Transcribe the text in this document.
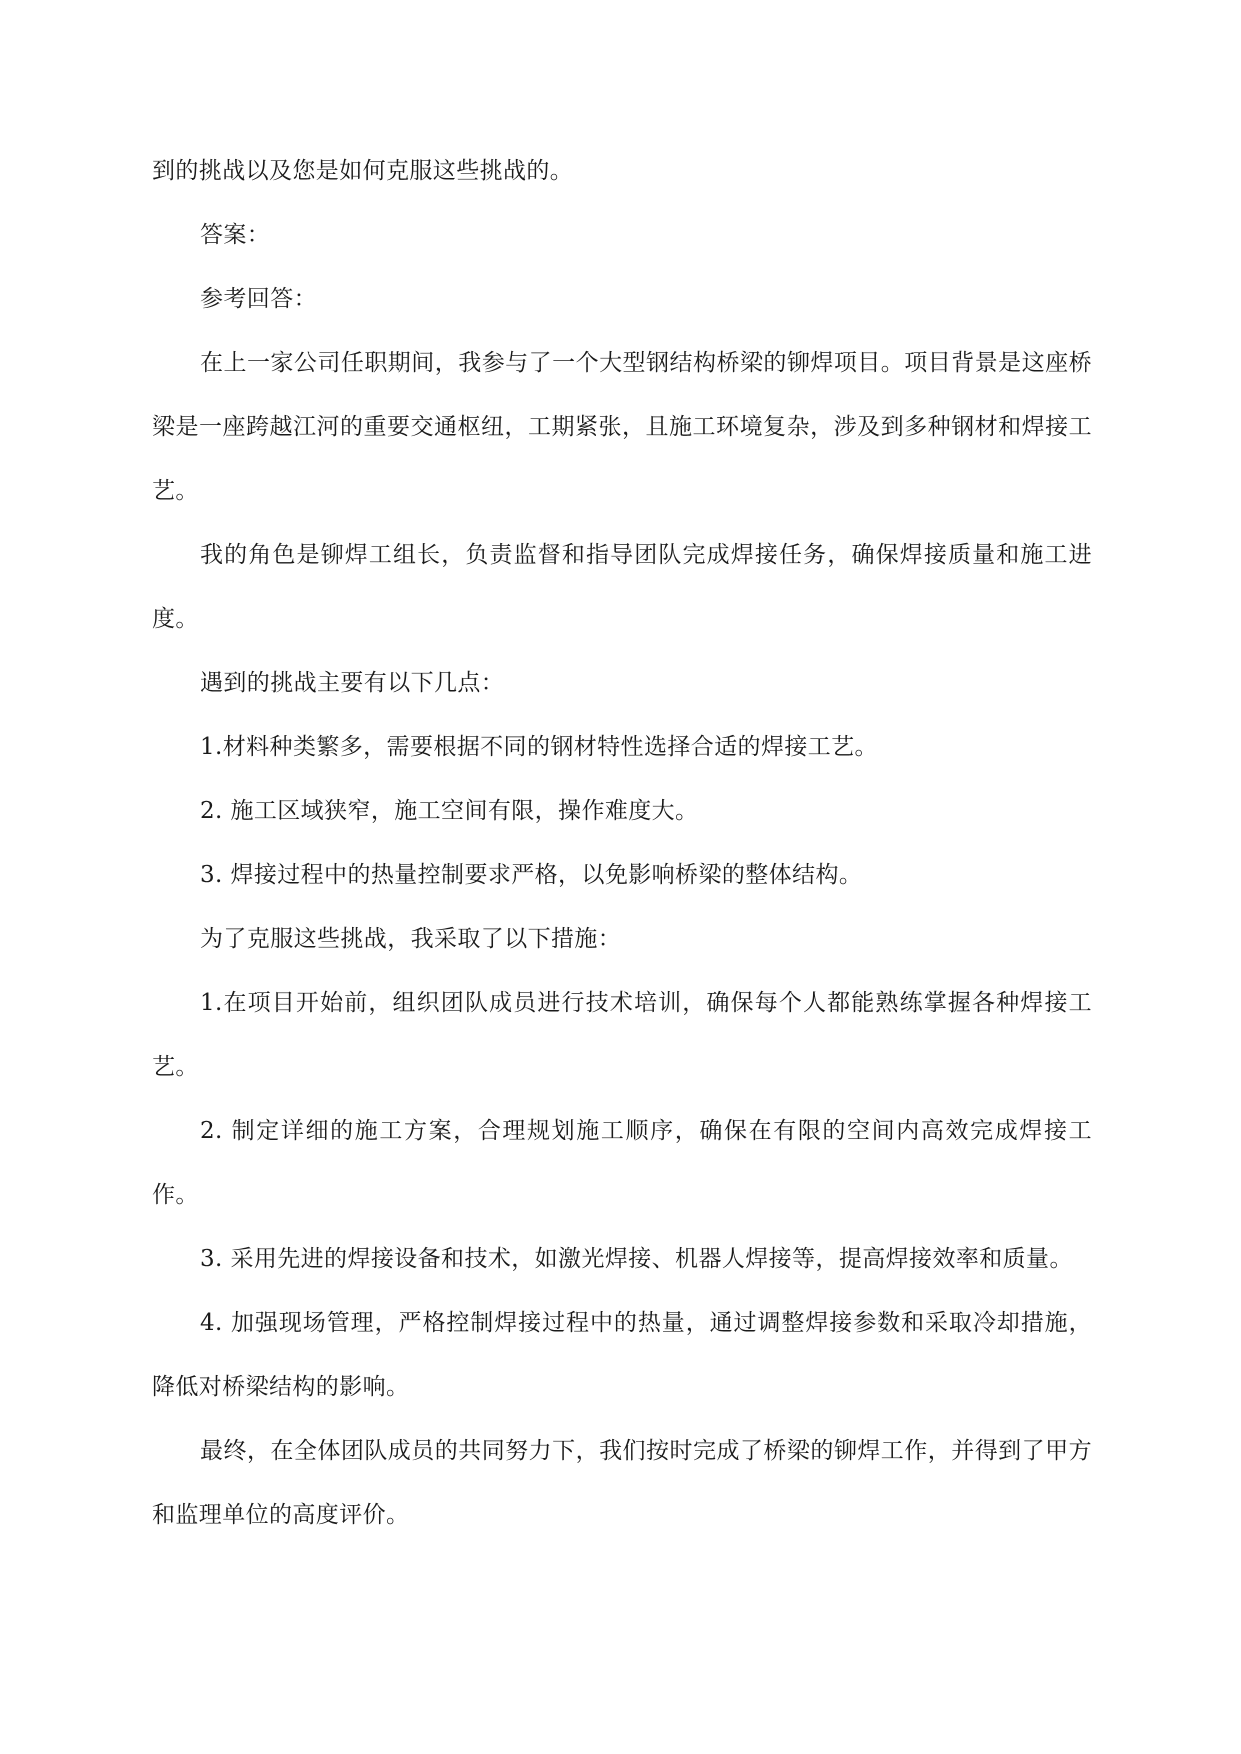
到的挑战以及您是如何克服这些挑战的。

答案：

参考回答：

在上一家公司任职期间，我参与了一个大型钢结构桥梁的铆焊项目。项目背景是这座桥梁是一座跨越江河的重要交通枢纽，工期紧张，且施工环境复杂，涉及到多种钢材和焊接工艺。

我的角色是铆焊工组长，负责监督和指导团队完成焊接任务，确保焊接质量和施工进度。

遇到的挑战主要有以下几点：

1.材料种类繁多，需要根据不同的钢材特性选择合适的焊接工艺。

2. 施工区域狭窄，施工空间有限，操作难度大。

3. 焊接过程中的热量控制要求严格，以免影响桥梁的整体结构。

为了克服这些挑战，我采取了以下措施：

1.在项目开始前，组织团队成员进行技术培训，确保每个人都能熟练掌握各种焊接工艺。

2. 制定详细的施工方案，合理规划施工顺序，确保在有限的空间内高效完成焊接工作。

3. 采用先进的焊接设备和技术，如激光焊接、机器人焊接等，提高焊接效率和质量。

4. 加强现场管理，严格控制焊接过程中的热量，通过调整焊接参数和采取冷却措施，降低对桥梁结构的影响。

最终，在全体团队成员的共同努力下，我们按时完成了桥梁的铆焊工作，并得到了甲方和监理单位的高度评价。
